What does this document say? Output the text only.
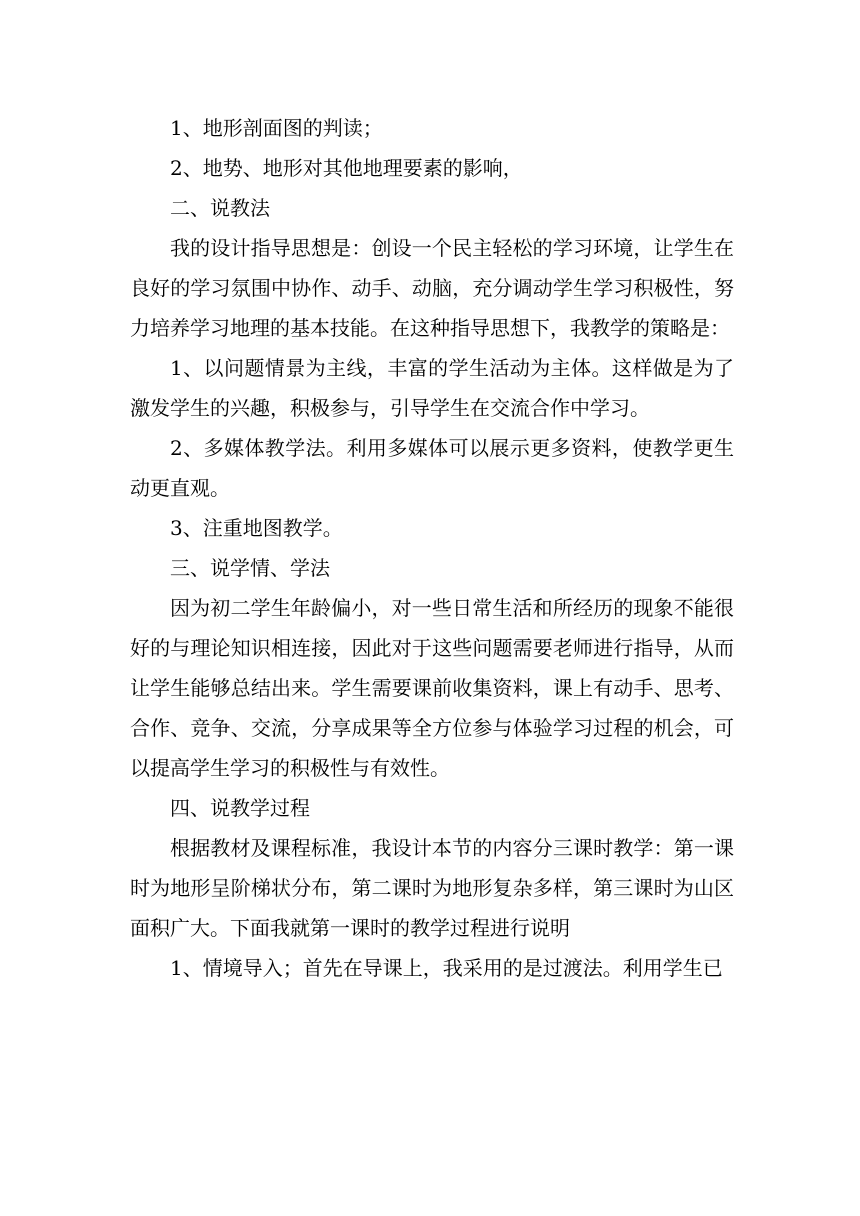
1、地形剖面图的判读；

2、地势、地形对其他地理要素的影响，

二、说教法

我的设计指导思想是：创设一个民主轻松的学习环境，让学生在良好的学习氛围中协作、动手、动脑，充分调动学生学习积极性，努力培养学习地理的基本技能。在这种指导思想下，我教学的策略是：

1、以问题情景为主线，丰富的学生活动为主体。这样做是为了激发学生的兴趣，积极参与，引导学生在交流合作中学习。

2、多媒体教学法。利用多媒体可以展示更多资料，使教学更生动更直观。

3、注重地图教学。

三、说学情、学法

因为初二学生年龄偏小，对一些日常生活和所经历的现象不能很好的与理论知识相连接，因此对于这些问题需要老师进行指导，从而让学生能够总结出来。学生需要课前收集资料，课上有动手、思考、合作、竞争、交流，分享成果等全方位参与体验学习过程的机会，可以提高学生学习的积极性与有效性。

四、说教学过程

根据教材及课程标准，我设计本节的内容分三课时教学：第一课时为地形呈阶梯状分布，第二课时为地形复杂多样，第三课时为山区面积广大。下面我就第一课时的教学过程进行说明

1、情境导入；首先在导课上，我采用的是过渡法。利用学生已
